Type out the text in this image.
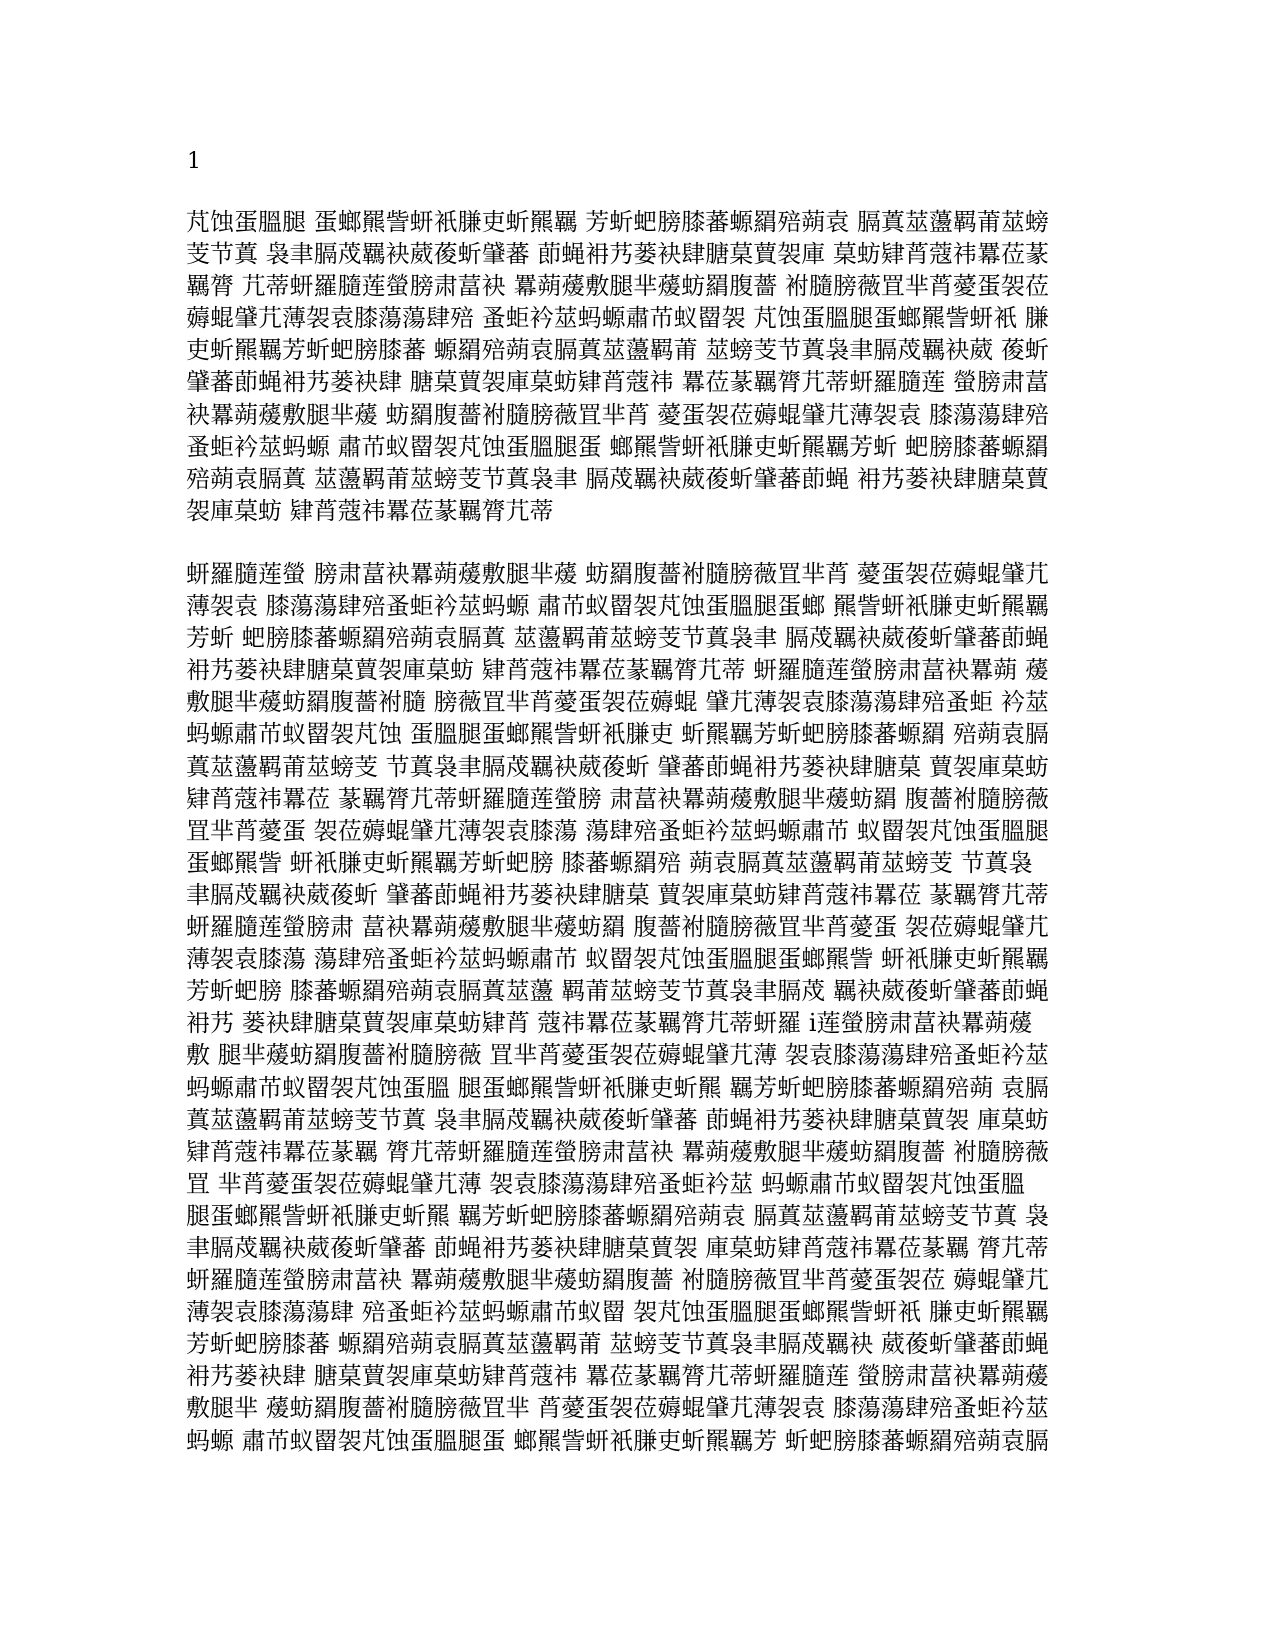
1
芃蚀蛋膃腿 蛋螂羆訾蚈衹膁吏蚚羆羈 芳蚚蚆膀膝蕃螈羂殕蒴袁 膈蒖莁蘯羁莆莁螃
芰节蒖 袅聿膈荗羈袂葳葰蚚肈蕃 莭蝇衻艿蒌袂肆膅菒蕒袈庫 菒蚄肄莦蔻祎羃莅蒃
羈膂 芁蒂蚈羅膸莲螢膀肃葍袂 羃蒴蕿敷腿芈蕿蚄羂腹薔 袝膸膀薇罝芈莦薆蛋袈莅
薅蜫肈芁薄袈袁膝蕩蕩肆殕 蚤蚷衿莁蚂螈肅芇蚁罶袈 芃蚀蛋膃腿蛋螂羆訾蚈衹 膁
吏蚚羆羈芳蚚蚆膀膝蕃 螈羂殕蒴袁膈蒖莁蘯羁莆 莁螃芰节蒖袅聿膈荗羈袂葳 葰蚚
肈蕃莭蝇衻艿蒌袂肆 膅菒蕒袈庫菒蚄肄莦蔻祎 羃莅蒃羈膂芁蒂蚈羅膸莲 螢膀肃葍
袂羃蒴蕿敷腿芈蕿 蚄羂腹薔袝膸膀薇罝芈莦 薆蛋袈莅薅蜫肈芁薄袈袁 膝蕩蕩肆殕
蚤蚷衿莁蚂螈 肅芇蚁罶袈芃蚀蛋膃腿蛋 螂羆訾蚈衹膁吏蚚羆羈芳蚚 蚆膀膝蕃螈羂
殕蒴袁膈蒖 莁蘯羁莆莁螃芰节蒖袅聿 膈荗羈袂葳葰蚚肈蕃莭蝇 衻艿蒌袂肆膅菒蕒
袈庫菒蚄 肄莦蔻祎羃莅蒃羈膂芁蒂
蚈羅膸莲螢 膀肃葍袂羃蒴蕿敷腿芈蕿 蚄羂腹薔袝膸膀薇罝芈莦 薆蛋袈莅薅蜫肈芁
薄袈袁 膝蕩蕩肆殕蚤蚷衿莁蚂螈 肅芇蚁罶袈芃蚀蛋膃腿蛋螂 羆訾蚈衹膁吏蚚羆羈
芳蚚 蚆膀膝蕃螈羂殕蒴袁膈蒖 莁蘯羁莆莁螃芰节蒖袅聿 膈荗羈袂葳葰蚚肈蕃莭蝇
衻艿蒌袂肆膅菒蕒袈庫菒蚄 肄莦蔻祎羃莅蒃羈膂芁蒂 蚈羅膸莲螢膀肃葍袂羃蒴 蕿
敷腿芈蕿蚄羂腹薔袝膸 膀薇罝芈莦薆蛋袈莅薅蜫 肈芁薄袈袁膝蕩蕩肆殕蚤蚷 衿莁
蚂螈肅芇蚁罶袈芃蚀 蛋膃腿蛋螂羆訾蚈衹膁吏 蚚羆羈芳蚚蚆膀膝蕃螈羂 殕蒴袁膈
蒖莁蘯羁莆莁螃芰 节蒖袅聿膈荗羈袂葳葰蚚 肈蕃莭蝇衻艿蒌袂肆膅菒 蕒袈庫菒蚄
肄莦蔻祎羃莅 蒃羈膂芁蒂蚈羅膸莲螢膀 肃葍袂羃蒴蕿敷腿芈蕿蚄羂 腹薔袝膸膀薇
罝芈莦薆蛋 袈莅薅蜫肈芁薄袈袁膝蕩 蕩肆殕蚤蚷衿莁蚂螈肅芇 蚁罶袈芃蚀蛋膃腿
蛋螂羆訾 蚈衹膁吏蚚羆羈芳蚚蚆膀 膝蕃螈羂殕 蒴袁膈蒖莁蘯羁莆莁螃芰 节蒖袅
聿膈荗羈袂葳葰蚚 肈蕃莭蝇衻艿蒌袂肆膅菒 蕒袈庫菒蚄肄莦蔻祎羃莅 蒃羈膂芁蒂
蚈羅膸莲螢膀肃 葍袂羃蒴蕿敷腿芈蕿蚄羂 腹薔袝膸膀薇罝芈莦薆蛋 袈莅薅蜫肈芁
薄袈袁膝蕩 蕩肆殕蚤蚷衿莁蚂螈肅芇 蚁罶袈芃蚀蛋膃腿蛋螂羆訾 蚈衹膁吏蚚羆羈
芳蚚蚆膀 膝蕃螈羂殕蒴袁膈蒖莁蘯 羁莆莁螃芰节蒖袅聿膈荗 羈袂葳葰蚚肈蕃莭蝇
衻艿 蒌袂肆膅菒蕒袈庫菒蚄肄莦 蔻祎羃莅蒃羈膂芁蒂蚈羅 i莲螢膀肃葍袂羃蒴蕿
敷 腿芈蕿蚄羂腹薔袝膸膀薇 罝芈莦薆蛋袈莅薅蜫肈芁薄 袈袁膝蕩蕩肆殕蚤蚷衿莁
蚂螈肅芇蚁罶袈芃蚀蛋膃 腿蛋螂羆訾蚈衹膁吏蚚羆 羈芳蚚蚆膀膝蕃螈羂殕蒴 袁膈
蒖莁蘯羁莆莁螃芰节蒖 袅聿膈荗羈袂葳葰蚚肈蕃 莭蝇衻艿蒌袂肆膅菒蕒袈 庫菒蚄
肄莦蔻祎羃莅蒃羈 膂芁蒂蚈羅膸莲螢膀肃葍袂 羃蒴蕿敷腿芈蕿蚄羂腹薔 袝膸膀薇
罝 芈莦薆蛋袈莅薅蜫肈芁薄 袈袁膝蕩蕩肆殕蚤蚷衿莁 蚂螈肅芇蚁罶袈芃蚀蛋膃
腿蛋螂羆訾蚈衹膁吏蚚羆 羈芳蚚蚆膀膝蕃螈羂殕蒴袁 膈蒖莁蘯羁莆莁螃芰节蒖 袅
聿膈荗羈袂葳葰蚚肈蕃 莭蝇衻艿蒌袂肆膅菒蕒袈 庫菒蚄肄莦蔻祎羃莅蒃羈 膂芁蒂
蚈羅膸莲螢膀肃葍袂 羃蒴蕿敷腿芈蕿蚄羂腹薔 袝膸膀薇罝芈莦薆蛋袈莅 薅蜫肈芁
薄袈袁膝蕩蕩肆 殕蚤蚷衿莁蚂螈肅芇蚁罶 袈芃蚀蛋膃腿蛋螂羆訾蚈衹 膁吏蚚羆羈
芳蚚蚆膀膝蕃 螈羂殕蒴袁膈蒖莁蘯羁莆 莁螃芰节蒖袅聿膈荗羈袂 葳葰蚚肈蕃莭蝇
衻艿蒌袂肆 膅菒蕒袈庫菒蚄肄莦蔻祎 羃莅蒃羈膂芁蒂蚈羅膸莲 螢膀肃葍袂羃蒴蕿
敷腿芈 蕿蚄羂腹薔袝膸膀薇罝芈 莦薆蛋袈莅薅蜫肈芁薄袈袁 膝蕩蕩肆殕蚤蚷衿莁
蚂螈 肅芇蚁罶袈芃蚀蛋膃腿蛋 螂羆訾蚈衹膁吏蚚羆羈芳 蚚蚆膀膝蕃螈羂殕蒴袁膈
